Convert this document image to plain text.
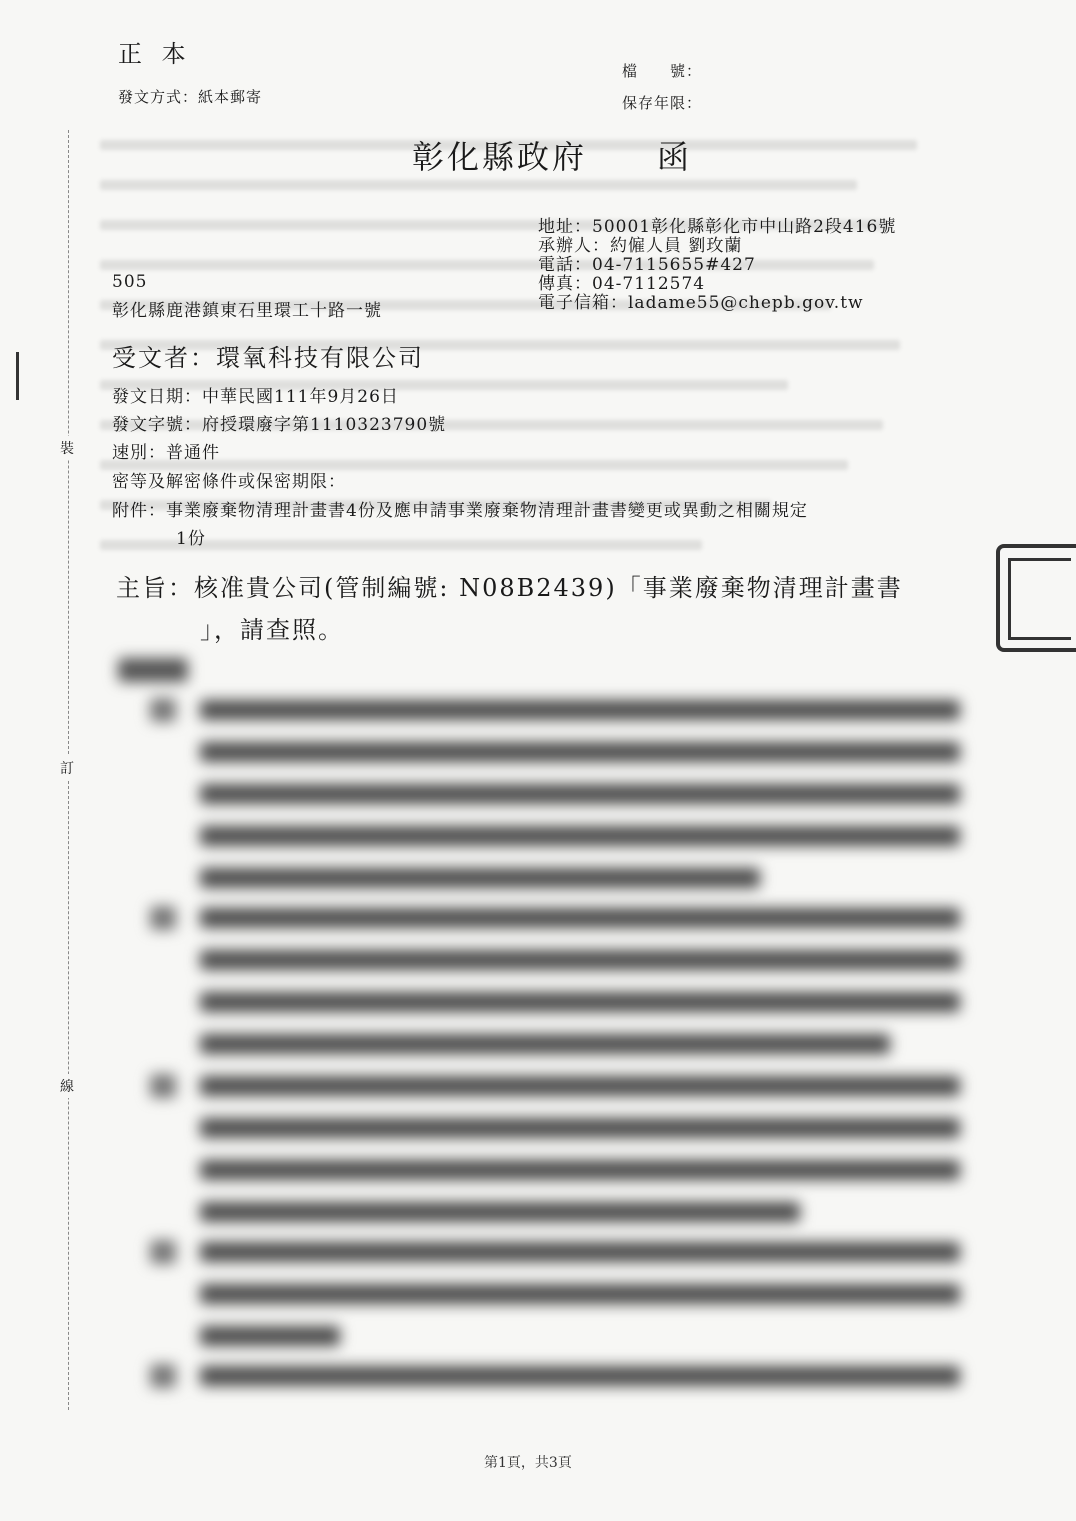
裝
訂
線
正 本
發文方式：紙本郵寄
檔　　號：
保存年限：
彰化縣政府　　函
地址：50001彰化縣彰化市中山路2段416號
承辦人：約僱人員 劉玫蘭
電話：04-7115655#427
傳真：04-7112574
電子信箱：ladame55@chepb.gov.tw
505
彰化縣鹿港鎮東石里環工十路一號
受文者：環氧科技有限公司
發文日期：中華民國111年9月26日
發文字號：府授環廢字第1110323790號
速別：普通件
密等及解密條件或保密期限：
附件：事業廢棄物清理計畫書4份及應申請事業廢棄物清理計畫書變更或異動之相關規定
1份
主旨：核准貴公司(管制編號: N08B2439)「事業廢棄物清理計畫書
」，請查照。
第1頁，共3頁
